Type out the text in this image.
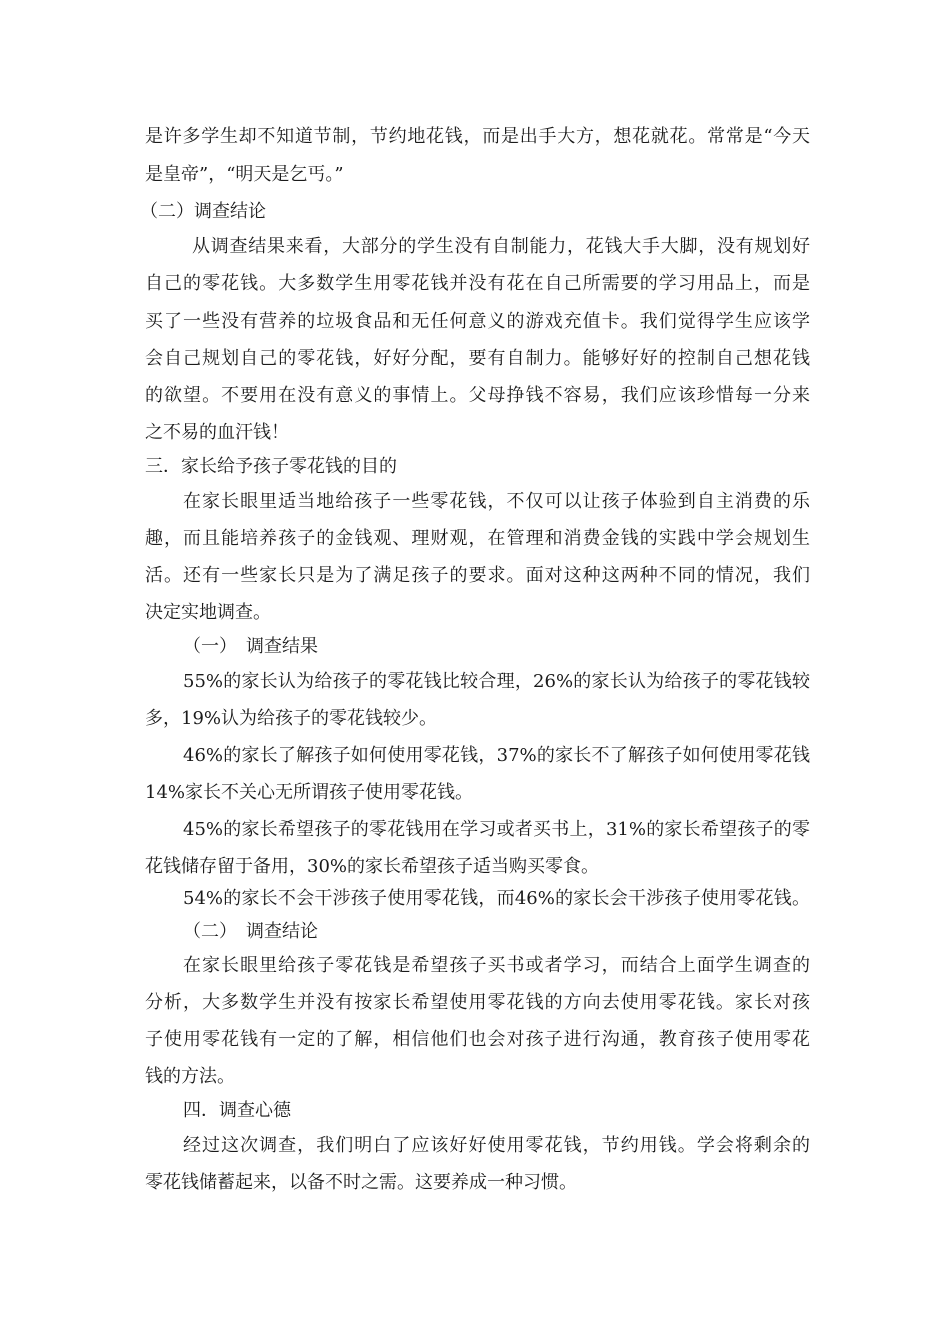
是许多学生却不知道节制，节约地花钱，而是出手大方，想花就花。常常是“今天
是皇帝”，“明天是乞丐。”
（二）调查结论
从调查结果来看，大部分的学生没有自制能力，花钱大手大脚，没有规划好
自己的零花钱。大多数学生用零花钱并没有花在自己所需要的学习用品上，而是
买了一些没有营养的垃圾食品和无任何意义的游戏充值卡。我们觉得学生应该学
会自己规划自己的零花钱，好好分配，要有自制力。能够好好的控制自己想花钱
的欲望。不要用在没有意义的事情上。父母挣钱不容易，我们应该珍惜每一分来
之不易的血汗钱！
三．家长给予孩子零花钱的目的
在家长眼里适当地给孩子一些零花钱，不仅可以让孩子体验到自主消费的乐
趣，而且能培养孩子的金钱观、理财观，在管理和消费金钱的实践中学会规划生
活。还有一些家长只是为了满足孩子的要求。面对这种这两种不同的情况，我们
决定实地调查。
（一）　调查结果
55%的家长认为给孩子的零花钱比较合理，26%的家长认为给孩子的零花钱较
多，19%认为给孩子的零花钱较少。
46%的家长了解孩子如何使用零花钱，37%的家长不了解孩子如何使用零花钱
14%家长不关心无所谓孩子使用零花钱。
45%的家长希望孩子的零花钱用在学习或者买书上，31%的家长希望孩子的零
花钱储存留于备用，30%的家长希望孩子适当购买零食。
54%的家长不会干涉孩子使用零花钱，而46%的家长会干涉孩子使用零花钱。
（二）　调查结论
在家长眼里给孩子零花钱是希望孩子买书或者学习，而结合上面学生调查的
分析，大多数学生并没有按家长希望使用零花钱的方向去使用零花钱。家长对孩
子使用零花钱有一定的了解，相信他们也会对孩子进行沟通，教育孩子使用零花
钱的方法。
四．调查心德
经过这次调查，我们明白了应该好好使用零花钱，节约用钱。学会将剩余的
零花钱储蓄起来，以备不时之需。这要养成一种习惯。
